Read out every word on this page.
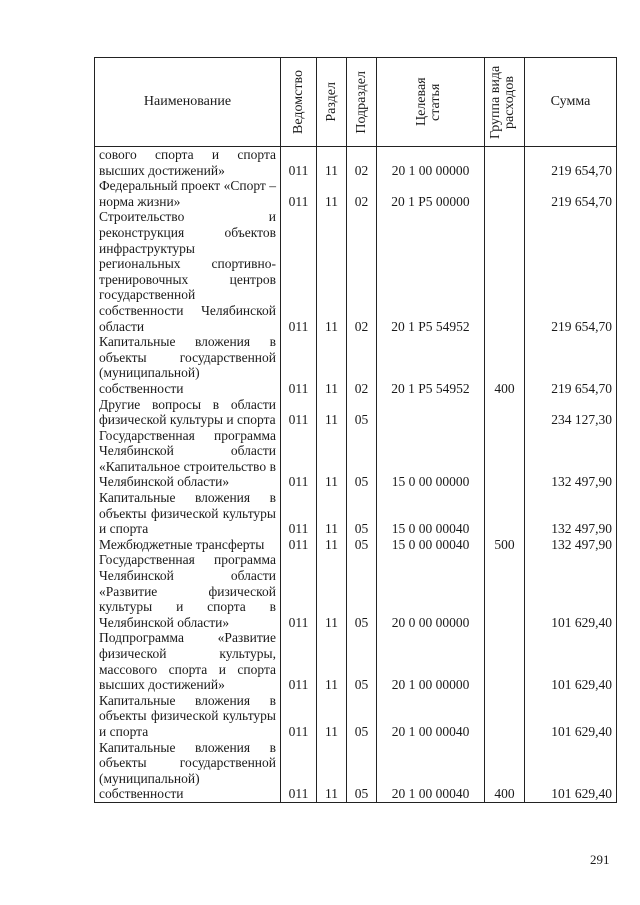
Наименование	Ведомство	Раздел	Подраздел	Целевая статья	Группа вида расходов	Сумма
сового спорта и спорта высших достижений»	011	11	02	20 1 00 00000		219 654,70
Федеральный проект «Спорт – норма жизни»	011	11	02	20 1 Р5 00000		219 654,70
Строительство и реконструкция объектов инфраструктуры региональных спортивно-тренировочных центров государственной собственности Челябинской области	011	11	02	20 1 Р5 54952		219 654,70
Капитальные вложения в объекты государственной (муниципальной) собственности	011	11	02	20 1 Р5 54952	400	219 654,70
Другие вопросы в области физической культуры и спорта	011	11	05			234 127,30
Государственная программа Челябинской области «Капитальное строительство в Челябинской области»	011	11	05	15 0 00 00000		132 497,90
Капитальные вложения в объекты физической культуры и спорта	011	11	05	15 0 00 00040		132 497,90
Межбюджетные трансферты	011	11	05	15 0 00 00040	500	132 497,90
Государственная программа Челябинской области «Развитие физической культуры и спорта в Челябинской области»	011	11	05	20 0 00 00000		101 629,40
Подпрограмма «Развитие физической культуры, массового спорта и спорта высших достижений»	011	11	05	20 1 00 00000		101 629,40
Капитальные вложения в объекты физической культуры и спорта	011	11	05	20 1 00 00040		101 629,40
Капитальные вложения в объекты государственной (муниципальной) собственности	011	11	05	20 1 00 00040	400	101 629,40
291
